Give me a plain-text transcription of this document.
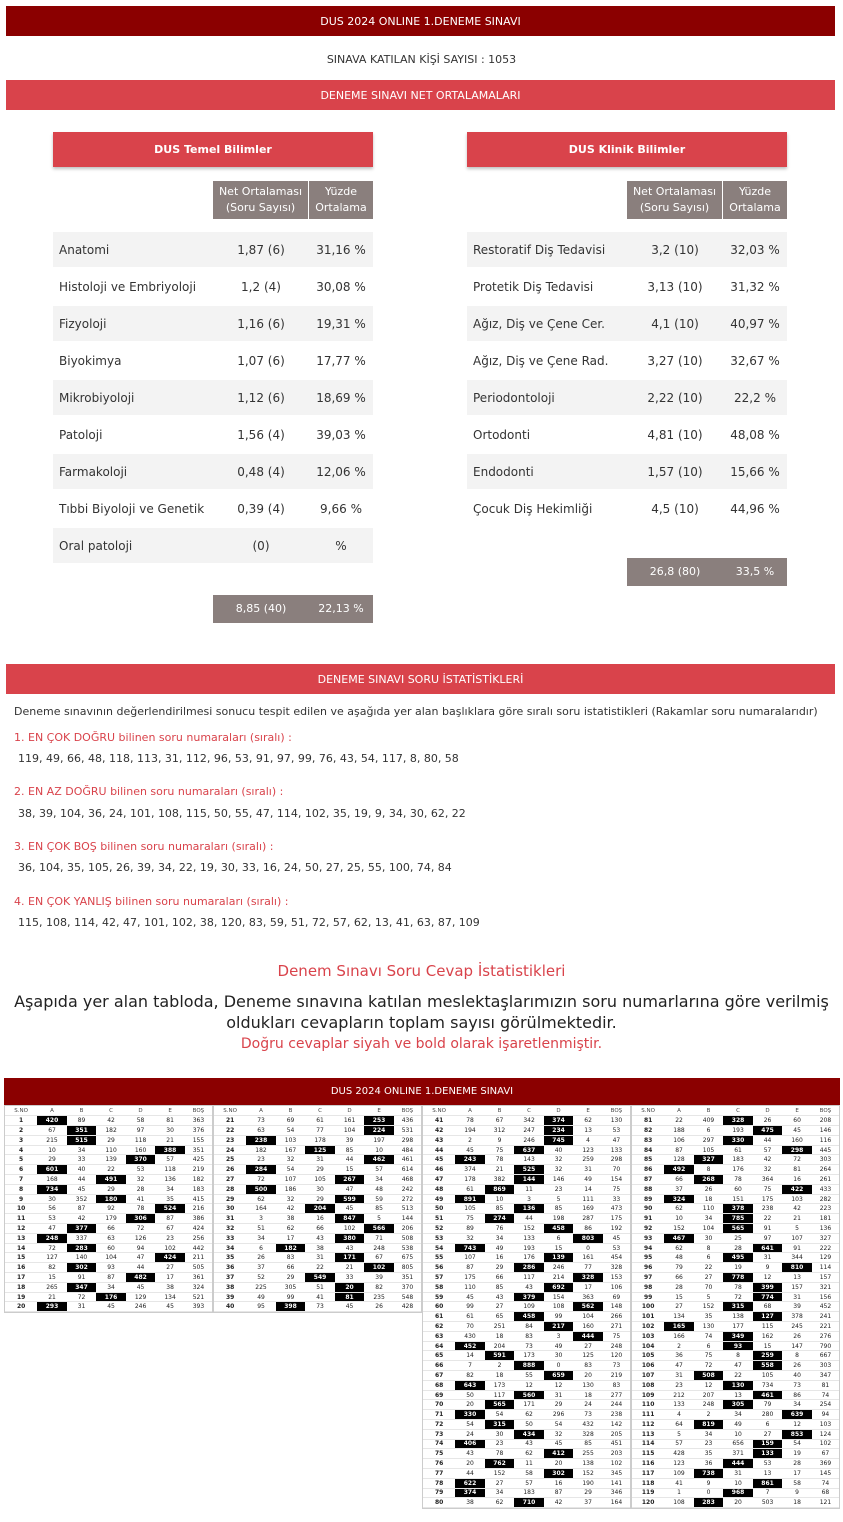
DUS 2024 ONLINE 1.DENEME SINAVI
SINAVA KATILAN KİŞİ SAYISI : 1053
DENEME SINAVI NET ORTALAMALARI
DUS Temel Bilimler
Net Ortalaması (Soru Sayısı)
Yüzde Ortalama
Anatomi	1,87 (6)	31,16 %
Histoloji ve Embriyoloji	1,2 (4)	30,08 %
Fizyoloji	1,16 (6)	19,31 %
Biyokimya	1,07 (6)	17,77 %
Mikrobiyoloji	1,12 (6)	18,69 %
Patoloji	1,56 (4)	39,03 %
Farmakoloji	0,48 (4)	12,06 %
Tıbbi Biyoloji ve Genetik	0,39 (4)	9,66 %
Oral patoloji	(0)	%
8,85 (40)	22,13 %
DUS Klinik Bilimler
Net Ortalaması (Soru Sayısı)
Yüzde Ortalama
Restoratif Diş Tedavisi	3,2 (10)	32,03 %
Protetik Diş Tedavisi	3,13 (10)	31,32 %
Ağız, Diş ve Çene Cer.	4,1 (10)	40,97 %
Ağız, Diş ve Çene Rad.	3,27 (10)	32,67 %
Periodontoloji	2,22 (10)	22,2 %
Ortodonti	4,81 (10)	48,08 %
Endodonti	1,57 (10)	15,66 %
Çocuk Diş Hekimliği	4,5 (10)	44,96 %
26,8 (80)	33,5 %
DENEME SINAVI SORU İSTATİSTİKLERİ
Deneme sınavının değerlendirilmesi sonucu tespit edilen ve aşağıda yer alan başlıklara göre sıralı soru istatistikleri (Rakamlar soru numaralarıdır)
1. EN ÇOK DOĞRU bilinen soru numaraları (sıralı) :
119, 49, 66, 48, 118, 113, 31, 112, 96, 53, 91, 97, 99, 76, 43, 54, 117, 8, 80, 58
2. EN AZ DOĞRU bilinen soru numaraları (sıralı) :
38, 39, 104, 36, 24, 101, 108, 115, 50, 55, 47, 114, 102, 35, 19, 9, 34, 30, 62, 22
3. EN ÇOK BOŞ bilinen soru numaraları (sıralı) :
36, 104, 35, 105, 26, 39, 34, 22, 19, 30, 33, 16, 24, 50, 27, 25, 55, 100, 74, 84
4. EN ÇOK YANLIŞ bilinen soru numaraları (sıralı) :
115, 108, 114, 42, 47, 101, 102, 38, 120, 83, 59, 51, 72, 57, 62, 13, 41, 63, 87, 109
Denem Sınavı Soru Cevap İstatistikleri
Aşapıda yer alan tabloda, Deneme sınavına katılan meslektaşlarımızın soru numarlarına göre verilmiş oldukları cevapların toplam sayısı görülmektedir.
Doğru cevaplar siyah ve bold olarak işaretlenmiştir.
DUS 2024 ONLINE 1.DENEME SINAVI
S.NO	A	B	C	D	E	BOŞ
1	420	89	42	58	81	363
2	67	351	182	97	30	376
3	215	515	29	118	21	155
4	10	34	110	160	388	351
5	29	33	139	370	57	425
6	601	40	22	53	118	219
7	168	44	491	32	136	182
8	734	45	29	28	34	183
9	30	352	180	41	35	415
10	56	87	92	78	524	216
11	53	42	179	306	87	386
12	47	377	66	72	67	424
13	248	337	63	126	23	256
14	72	283	60	94	102	442
15	127	140	104	47	424	211
16	82	302	93	44	27	505
17	15	91	87	482	17	361
18	265	347	34	45	38	324
19	21	72	176	129	134	521
20	293	31	45	246	45	393
S.NO	A	B	C	D	E	BOŞ
21	73	69	61	161	253	436
22	63	54	77	104	224	531
23	238	103	178	39	197	298
24	182	167	125	85	10	484
25	23	32	31	44	462	461
26	284	54	29	15	57	614
27	72	107	105	267	34	468
28	500	186	30	47	48	242
29	62	32	29	599	59	272
30	164	42	204	45	85	513
31	3	38	16	847	5	144
32	51	62	66	102	566	206
33	34	17	43	380	71	508
34	6	182	38	43	248	538
35	26	83	31	171	67	675
36	37	66	22	21	102	805
37	52	29	549	33	39	351
38	225	305	51	20	82	370
39	49	99	41	81	235	548
40	95	398	73	45	26	428
S.NO	A	B	C	D	E	BOŞ
41	78	67	342	374	62	130
42	194	312	247	234	13	53
43	2	9	246	745	4	47
44	45	75	637	40	123	133
45	243	78	143	32	259	298
46	374	21	525	32	31	70
47	178	382	144	146	49	154
48	61	869	11	23	14	75
49	891	10	3	5	111	33
50	105	85	136	85	169	473
51	75	274	44	198	287	175
52	89	76	152	458	86	192
53	32	34	133	6	803	45
54	743	49	193	15	0	53
55	107	16	176	139	161	454
56	87	29	286	246	77	328
57	175	66	117	214	328	153
58	110	85	43	692	17	106
59	45	43	379	154	363	69
60	99	27	109	108	562	148
61	61	65	458	99	104	266
62	70	251	84	217	160	271
63	430	18	83	3	444	75
64	452	204	73	49	27	248
65	14	591	173	30	125	120
66	7	2	888	0	83	73
67	82	18	55	659	20	219
68	643	173	12	12	130	83
69	50	117	560	31	18	277
70	20	565	171	29	24	244
71	330	54	62	296	73	238
72	54	315	50	54	432	142
73	24	30	434	32	328	205
74	406	23	43	45	85	451
75	43	78	62	412	255	203
76	20	762	11	20	138	102
77	44	152	58	302	152	345
78	622	27	57	16	190	141
79	374	34	183	87	29	346
80	38	62	710	42	37	164
S.NO	A	B	C	D	E	BOŞ
81	22	409	328	26	60	208
82	188	6	193	475	45	146
83	106	297	330	44	160	116
84	87	105	61	57	298	445
85	128	327	183	42	72	303
86	492	8	176	32	81	264
87	66	268	78	364	16	261
88	37	26	60	75	422	433
89	324	18	151	175	103	282
90	62	110	378	238	42	223
91	10	34	785	22	21	181
92	152	104	565	91	5	136
93	467	30	25	97	107	327
94	62	8	28	641	91	222
95	48	6	495	31	344	129
96	79	22	19	9	810	114
97	66	27	778	12	13	157
98	28	70	78	399	157	321
99	15	5	72	774	31	156
100	27	152	315	68	39	452
101	134	35	138	127	378	241
102	165	130	177	115	245	221
103	166	74	349	162	26	276
104	2	6	93	15	147	790
105	36	75	8	259	8	667
106	47	72	47	558	26	303
107	31	508	22	105	40	347
108	23	12	130	734	73	81
109	212	207	13	461	86	74
110	133	248	305	79	34	254
111	4	2	34	280	639	94
112	64	819	49	6	12	103
113	5	34	10	27	853	124
114	57	23	656	159	54	102
115	428	35	371	133	19	67
116	123	36	444	53	28	369
117	109	738	31	13	17	145
118	41	9	10	861	58	74
119	1	0	968	7	9	68
120	108	283	20	503	18	121
